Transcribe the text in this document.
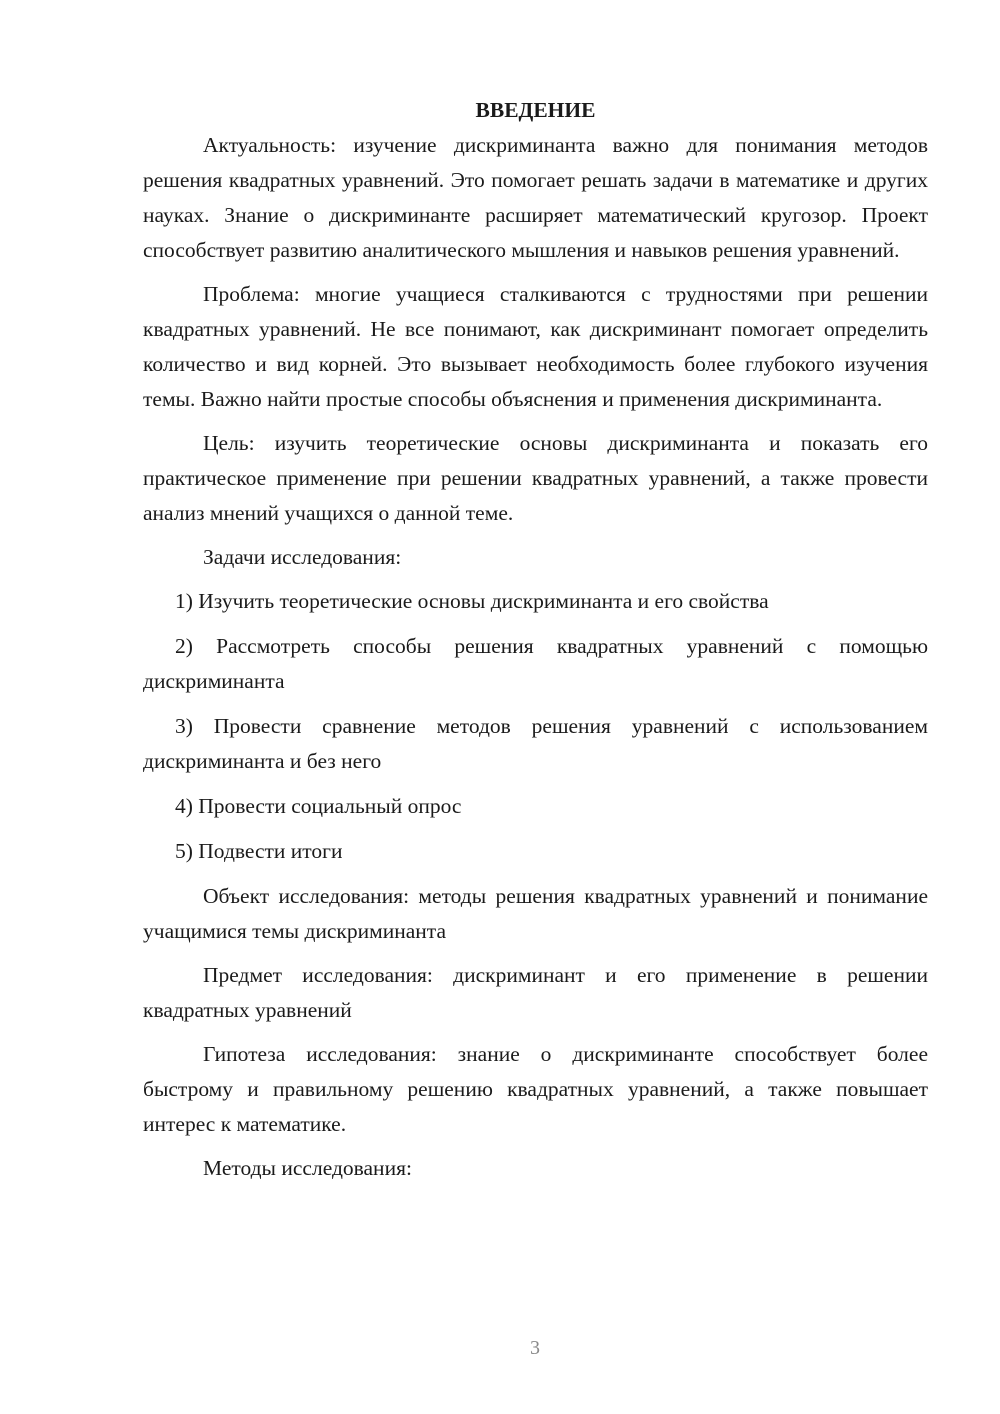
ВВЕДЕНИЕ

Актуальность: изучение дискриминанта важно для понимания методов решения квадратных уравнений. Это помогает решать задачи в математике и других науках. Знание о дискриминанте расширяет математический кругозор. Проект способствует развитию аналитического мышления и навыков решения уравнений.

Проблема: многие учащиеся сталкиваются с трудностями при решении квадратных уравнений. Не все понимают, как дискриминант помогает определить количество и вид корней. Это вызывает необходимость более глубокого изучения темы. Важно найти простые способы объяснения и применения дискриминанта.

Цель: изучить теоретические основы дискриминанта и показать его практическое применение при решении квадратных уравнений, а также провести анализ мнений учащихся о данной теме.

Задачи исследования:

1) Изучить теоретические основы дискриминанта и его свойства

2) Рассмотреть способы решения квадратных уравнений с помощью дискриминанта

3) Провести сравнение методов решения уравнений с использованием дискриминанта и без него

4) Провести социальный опрос

5) Подвести итоги

Объект исследования: методы решения квадратных уравнений и понимание учащимися темы дискриминанта

Предмет исследования: дискриминант и его применение в решении квадратных уравнений

Гипотеза исследования: знание о дискриминанте способствует более быстрому и правильному решению квадратных уравнений, а также повышает интерес к математике.

Методы исследования:

3
